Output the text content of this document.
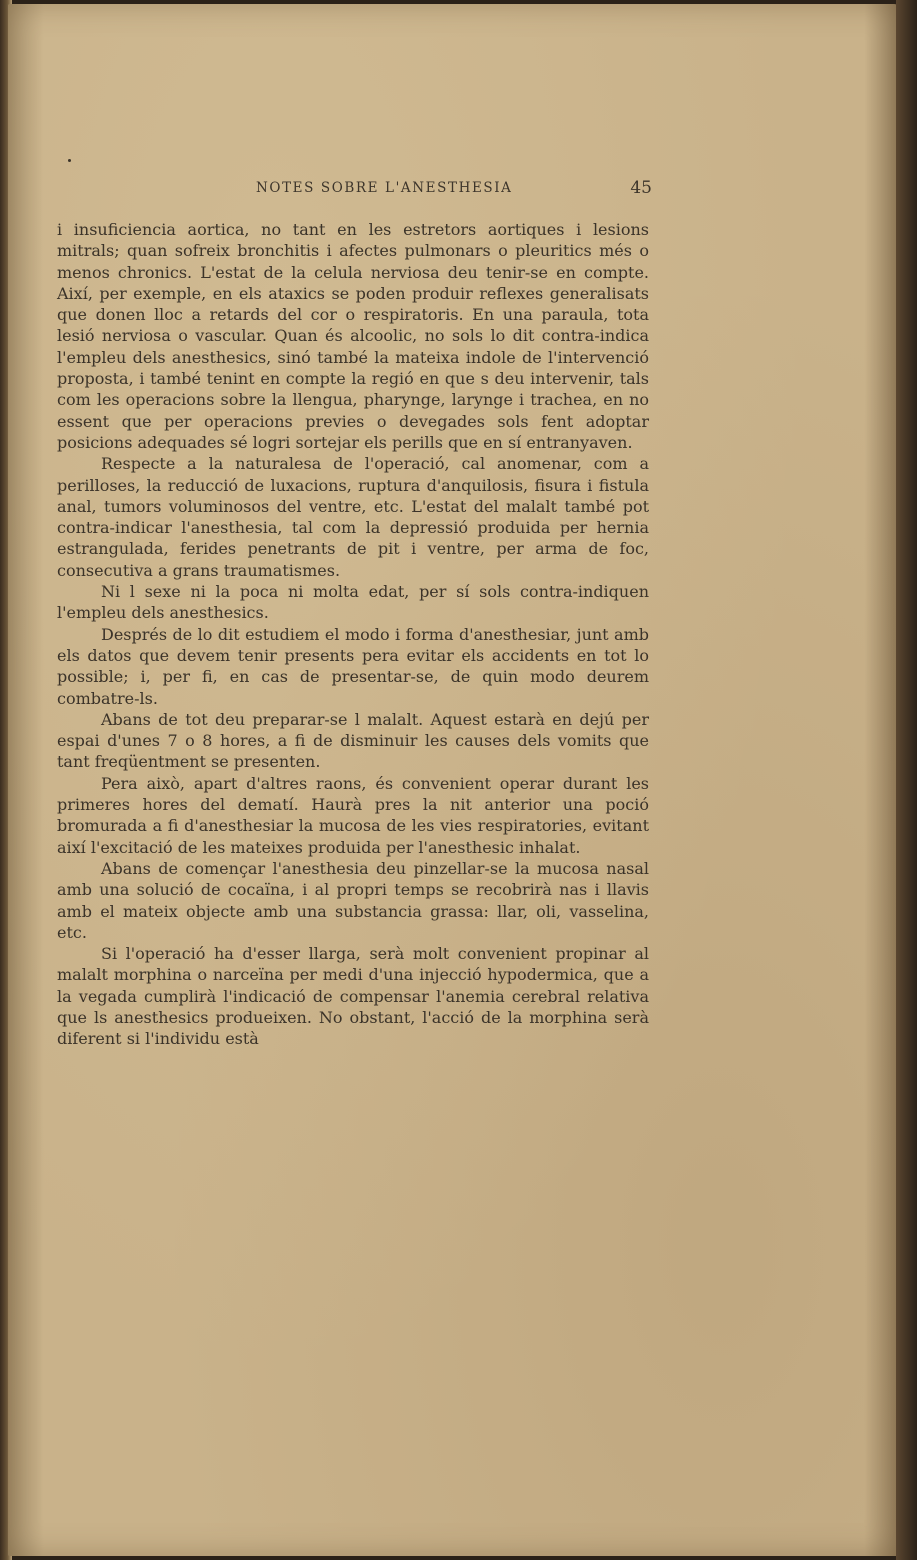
NOTES SOBRE L'ANESTHESIA	45

i insuficiencia aortica, no tant en les estretors aortiques i lesions mitrals; quan sofreix bronchitis i afectes pulmonars o pleuritics més o menos chronics. L'estat de la celula nerviosa deu tenir-se en compte. Així, per exemple, en els ataxics se poden produir reflexes generalisats que donen lloc a retards del cor o respiratoris. En una paraula, tota lesió nerviosa o vascular. Quan és alcoolic, no sols lo dit contra-indica l'empleu dels anesthesics, sinó també la mateixa indole de l'intervenció proposta, i també tenint en compte la regió en que s deu intervenir, tals com les operacions sobre la llengua, pharynge, larynge i trachea, en no essent que per operacions previes o devegades sols fent adoptar posicions adequades sé logri sortejar els perills que en sí entranyaven.

Respecte a la naturalesa de l'operació, cal anomenar, com a perilloses, la reducció de luxacions, ruptura d'anquilosis, fisura i fistula anal, tumors voluminosos del ventre, etc. L'estat del malalt també pot contra-indicar l'anesthesia, tal com la depressió produida per hernia estrangulada, ferides penetrants de pit i ventre, per arma de foc, consecutiva a grans traumatismes.

Ni l sexe ni la poca ni molta edat, per sí sols contra-indiquen l'empleu dels anesthesics.

Després de lo dit estudiem el modo i forma d'anesthesiar, junt amb els datos que devem tenir presents pera evitar els accidents en tot lo possible; i, per fi, en cas de presentar-se, de quin modo deurem combatre-ls.

Abans de tot deu preparar-se l malalt. Aquest estarà en dejú per espai d'unes 7 o 8 hores, a fi de disminuir les causes dels vomits que tant freqüentment se presenten.

Pera això, apart d'altres raons, és convenient operar durant les primeres hores del dematí. Haurà pres la nit anterior una poció bromurada a fi d'anesthesiar la mucosa de les vies respiratories, evitant així l'excitació de les mateixes produida per l'anesthesic inhalat.

Abans de començar l'anesthesia deu pinzellar-se la mucosa nasal amb una solució de cocaïna, i al propri temps se recobrirà nas i llavis amb el mateix objecte amb una substancia grassa: llar, oli, vasselina, etc.

Si l'operació ha d'esser llarga, serà molt convenient propinar al malalt morphina o narceïna per medi d'una injecció hypodermica, que a la vegada cumplirà l'indicació de compensar l'anemia cerebral relativa que ls anesthesics produeixen. No obstant, l'acció de la morphina serà diferent si l'individu està
